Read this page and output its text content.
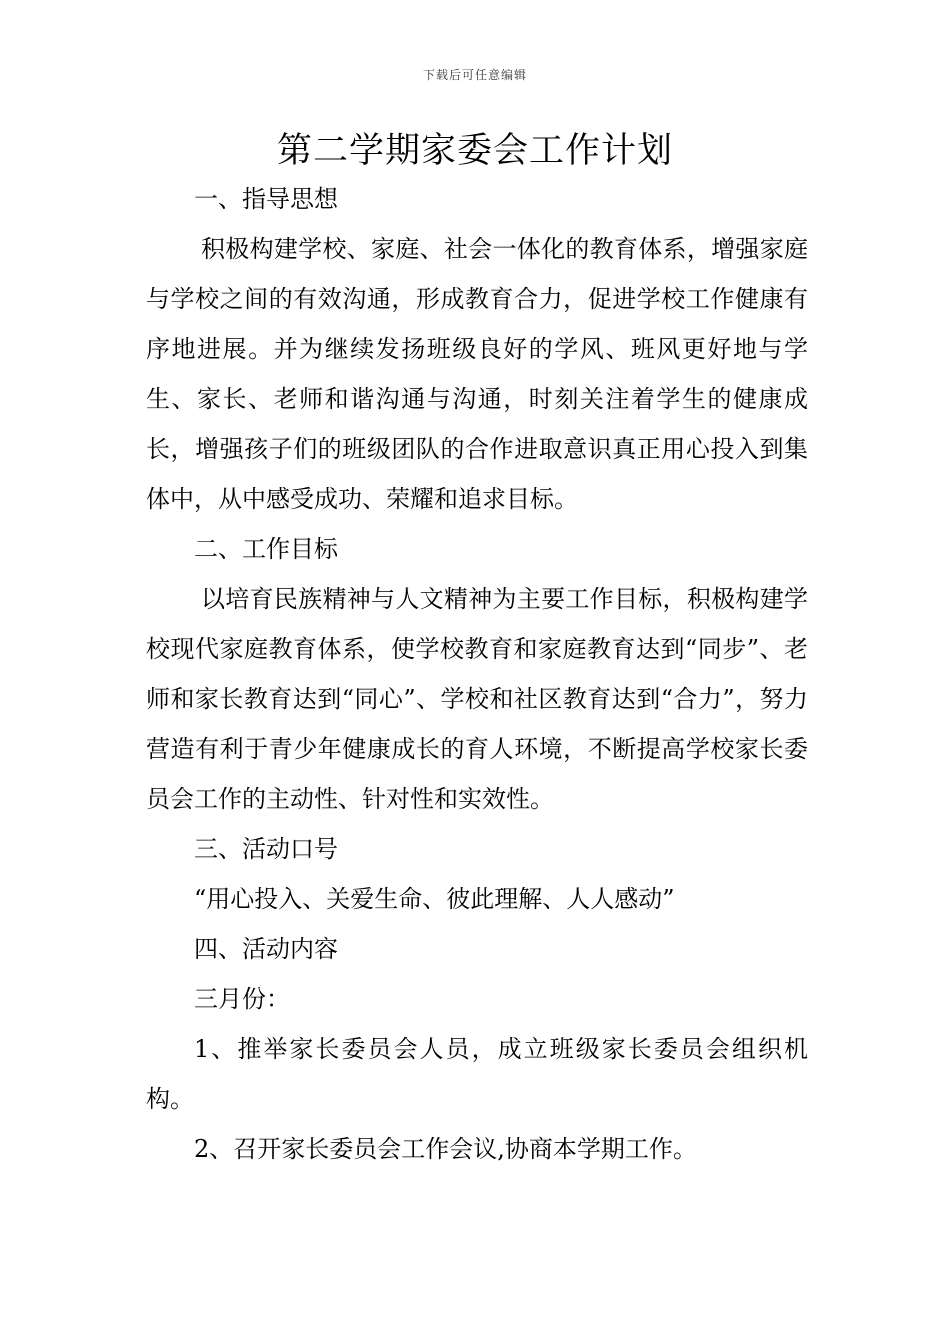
下载后可任意编辑
第二学期家委会工作计划

一、指导思想

积极构建学校、家庭、社会一体化的教育体系，增强家庭与学校之间的有效沟通，形成教育合力，促进学校工作健康有序地进展。并为继续发扬班级良好的学风、班风更好地与学生、家长、老师和谐沟通与沟通，时刻关注着学生的健康成长，增强孩子们的班级团队的合作进取意识真正用心投入到集体中，从中感受成功、荣耀和追求目标。

二、工作目标

以培育民族精神与人文精神为主要工作目标，积极构建学校现代家庭教育体系，使学校教育和家庭教育达到“同步”、老师和家长教育达到“同心”、学校和社区教育达到“合力”，努力营造有利于青少年健康成长的育人环境，不断提高学校家长委员会工作的主动性、针对性和实效性。

三、活动口号

“用心投入、关爱生命、彼此理解、人人感动”

四、活动内容

三月份：

1、推举家长委员会人员，成立班级家长委员会组织机构。

2、召开家长委员会工作会议,协商本学期工作。
